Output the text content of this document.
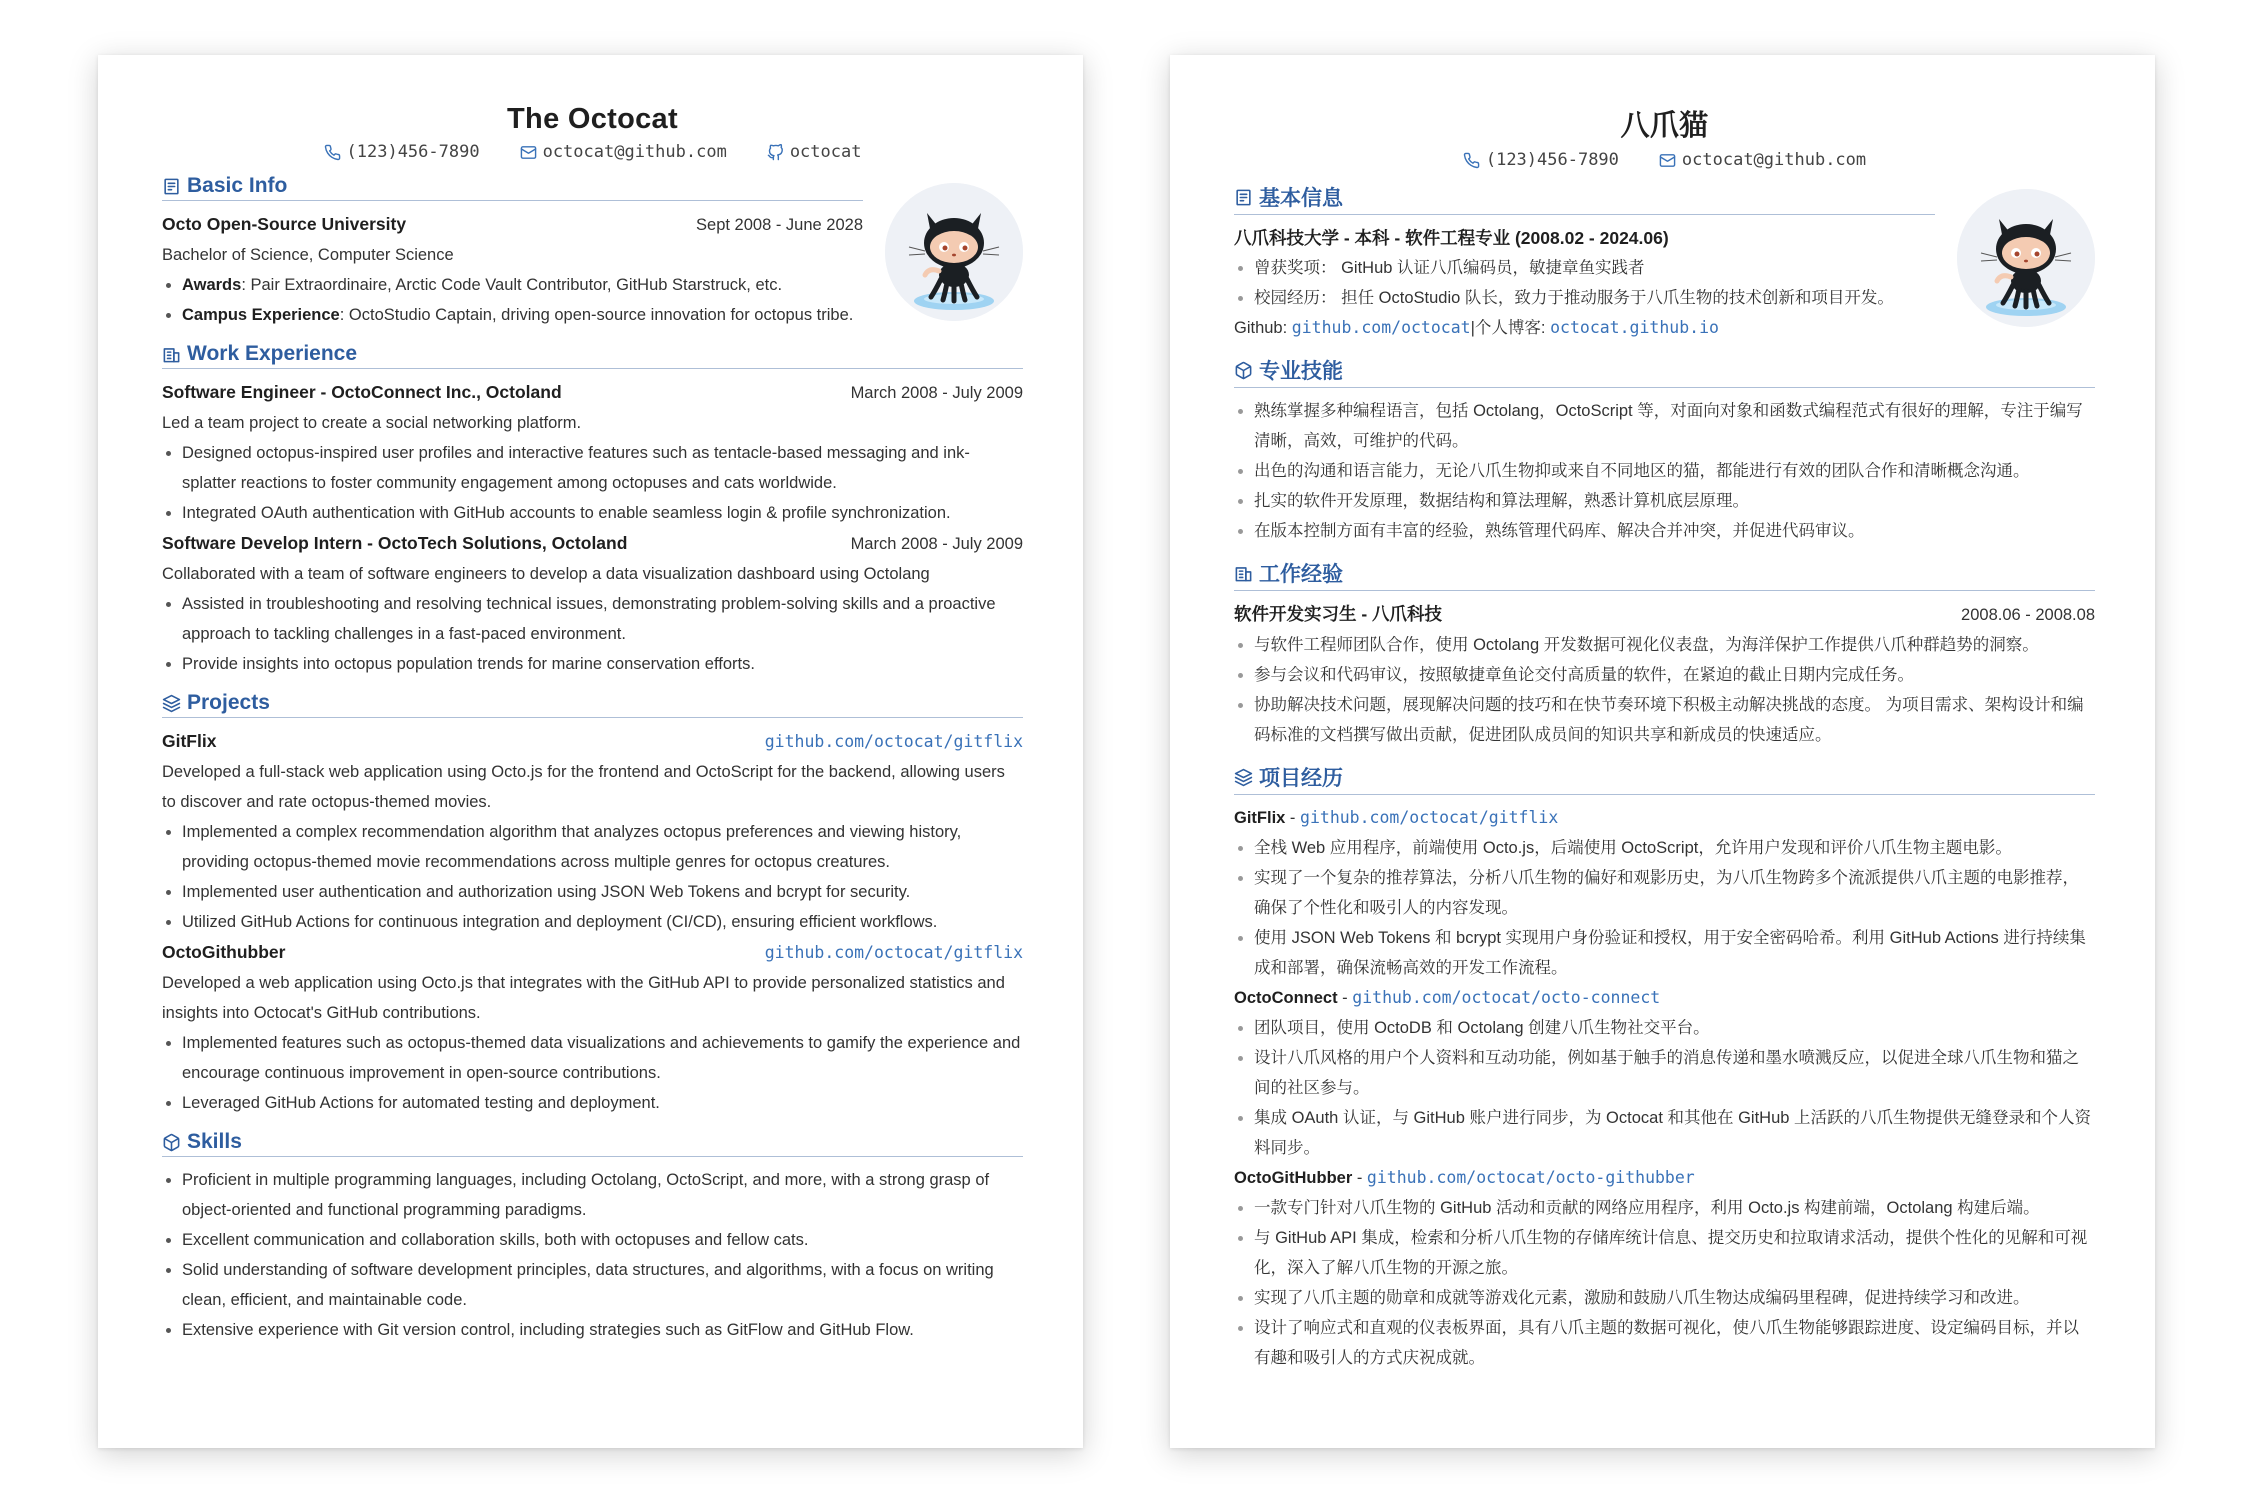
The Octocat
(123)456-7890	octocat@github.com	octocat
Basic Info
Octo Open-Source University	Sept 2008 - June 2028
Bachelor of Science, Computer Science
• Awards: Pair Extraordinaire, Arctic Code Vault Contributor, GitHub Starstruck, etc.
• Campus Experience: OctoStudio Captain, driving open-source innovation for octopus tribe.
Work Experience
Software Engineer - OctoConnect Inc., Octoland	March 2008 - July 2009
Led a team project to create a social networking platform.
• Designed octopus-inspired user profiles and interactive features such as tentacle-based messaging and ink-splatter reactions to foster community engagement among octopuses and cats worldwide.
• Integrated OAuth authentication with GitHub accounts to enable seamless login & profile synchronization.
Software Develop Intern - OctoTech Solutions, Octoland	March 2008 - July 2009
Collaborated with a team of software engineers to develop a data visualization dashboard using Octolang
• Assisted in troubleshooting and resolving technical issues, demonstrating problem-solving skills and a proactive approach to tackling challenges in a fast-paced environment.
• Provide insights into octopus population trends for marine conservation efforts.
Projects
GitFlix	github.com/octocat/gitflix
Developed a full-stack web application using Octo.js for the frontend and OctoScript for the backend, allowing users to discover and rate octopus-themed movies.
• Implemented a complex recommendation algorithm that analyzes octopus preferences and viewing history, providing octopus-themed movie recommendations across multiple genres for octopus creatures.
• Implemented user authentication and authorization using JSON Web Tokens and bcrypt for security.
• Utilized GitHub Actions for continuous integration and deployment (CI/CD), ensuring efficient workflows.
OctoGithubber	github.com/octocat/gitflix
Developed a web application using Octo.js that integrates with the GitHub API to provide personalized statistics and insights into Octocat's GitHub contributions.
• Implemented features such as octopus-themed data visualizations and achievements to gamify the experience and encourage continuous improvement in open-source contributions.
• Leveraged GitHub Actions for automated testing and deployment.
Skills
• Proficient in multiple programming languages, including Octolang, OctoScript, and more, with a strong grasp of object-oriented and functional programming paradigms.
• Excellent communication and collaboration skills, both with octopuses and fellow cats.
• Solid understanding of software development principles, data structures, and algorithms, with a focus on writing clean, efficient, and maintainable code.
• Extensive experience with Git version control, including strategies such as GitFlow and GitHub Flow.
八爪猫
(123)456-7890	octocat@github.com
基本信息
八爪科技大学 - 本科 - 软件工程专业 (2008.02 - 2024.06)
• 曾获奖项： GitHub 认证八爪编码员，敏捷章鱼实践者
• 校园经历： 担任 OctoStudio 队长，致力于推动服务于八爪生物的技术创新和项目开发。
Github: github.com/octocat|个人博客: octocat.github.io
专业技能
• 熟练掌握多种编程语言，包括 Octolang，OctoScript 等，对面向对象和函数式编程范式有很好的理解，专注于编写清晰，高效，可维护的代码。
• 出色的沟通和语言能力，无论八爪生物抑或来自不同地区的猫，都能进行有效的团队合作和清晰概念沟通。
• 扎实的软件开发原理，数据结构和算法理解，熟悉计算机底层原理。
• 在版本控制方面有丰富的经验，熟练管理代码库、解决合并冲突，并促进代码审议。
工作经验
软件开发实习生 - 八爪科技	2008.06 - 2008.08
• 与软件工程师团队合作，使用 Octolang 开发数据可视化仪表盘，为海洋保护工作提供八爪种群趋势的洞察。
• 参与会议和代码审议，按照敏捷章鱼论交付高质量的软件，在紧迫的截止日期内完成任务。
• 协助解决技术问题，展现解决问题的技巧和在快节奏环境下积极主动解决挑战的态度。 为项目需求、架构设计和编码标准的文档撰写做出贡献，促进团队成员间的知识共享和新成员的快速适应。
项目经历
GitFlix - github.com/octocat/gitflix
• 全栈 Web 应用程序，前端使用 Octo.js，后端使用 OctoScript，允许用户发现和评价八爪生物主题电影。
• 实现了一个复杂的推荐算法，分析八爪生物的偏好和观影历史，为八爪生物跨多个流派提供八爪主题的电影推荐，确保了个性化和吸引人的内容发现。
• 使用 JSON Web Tokens 和 bcrypt 实现用户身份验证和授权，用于安全密码哈希。利用 GitHub Actions 进行持续集成和部署，确保流畅高效的开发工作流程。
OctoConnect - github.com/octocat/octo-connect
• 团队项目，使用 OctoDB 和 Octolang 创建八爪生物社交平台。
• 设计八爪风格的用户个人资料和互动功能，例如基于触手的消息传递和墨水喷溅反应，以促进全球八爪生物和猫之间的社区参与。
• 集成 OAuth 认证，与 GitHub 账户进行同步，为 Octocat 和其他在 GitHub 上活跃的八爪生物提供无缝登录和个人资料同步。
OctoGitHubber - github.com/octocat/octo-githubber
• 一款专门针对八爪生物的 GitHub 活动和贡献的网络应用程序，利用 Octo.js 构建前端，Octolang 构建后端。
• 与 GitHub API 集成，检索和分析八爪生物的存储库统计信息、提交历史和拉取请求活动，提供个性化的见解和可视化，深入了解八爪生物的开源之旅。
• 实现了八爪主题的勋章和成就等游戏化元素，激励和鼓励八爪生物达成编码里程碑，促进持续学习和改进。
• 设计了响应式和直观的仪表板界面，具有八爪主题的数据可视化，使八爪生物能够跟踪进度、设定编码目标，并以有趣和吸引人的方式庆祝成就。
